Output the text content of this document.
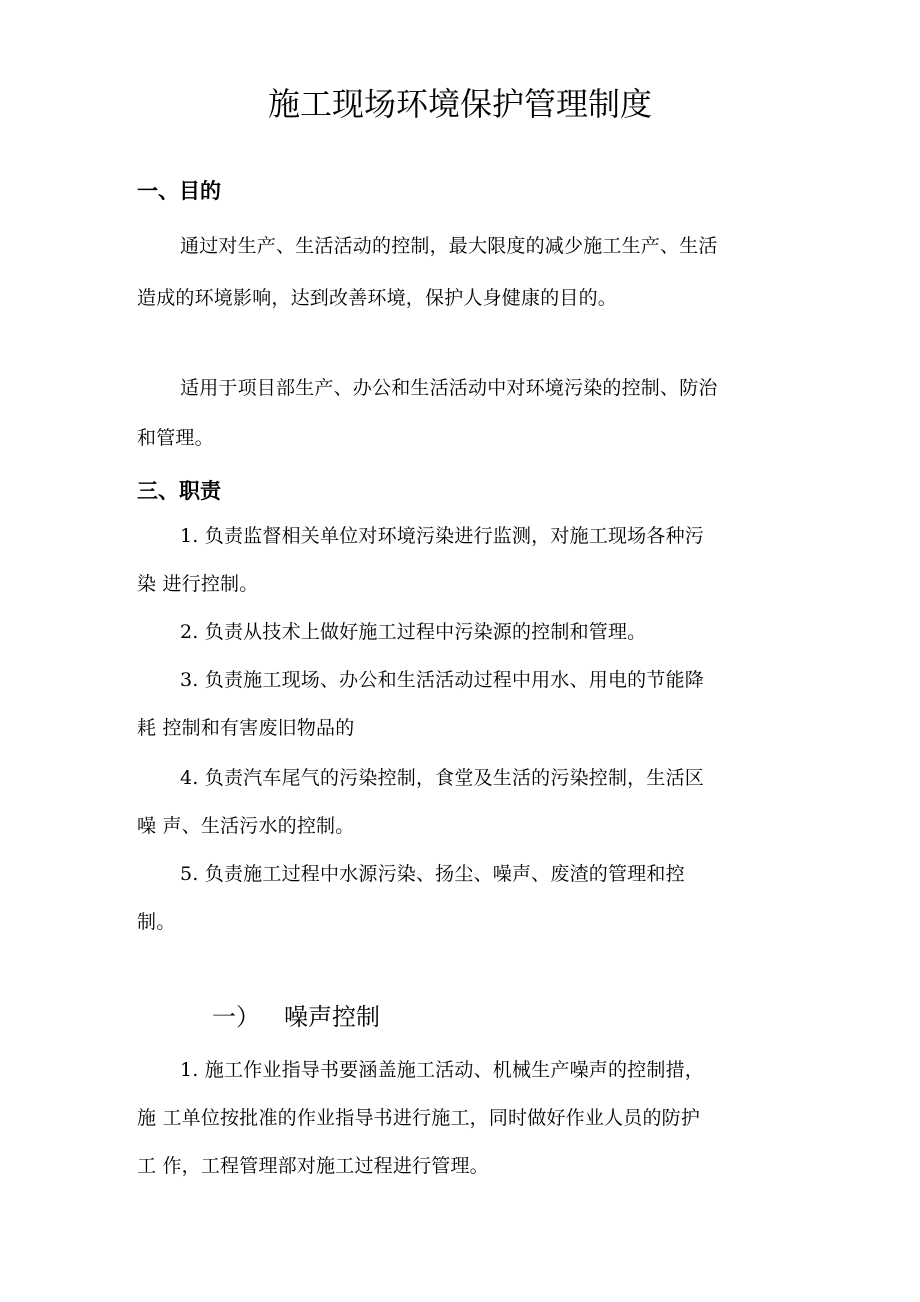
施工现场环境保护管理制度
一、目的

通过对生产、生活活动的控制，最大限度的减少施工生产、生活

造成的环境影响，达到改善环境，保护人身健康的目的。

适用于项目部生产、办公和生活活动中对环境污染的控制、防治

和管理。

三、职责

1. 负责监督相关单位对环境污染进行监测，对施工现场各种污

染 进行控制。

2. 负责从技术上做好施工过程中污染源的控制和管理。

3. 负责施工现场、办公和生活活动过程中用水、用电的节能降

耗 控制和有害废旧物品的

4. 负责汽车尾气的污染控制，食堂及生活的污染控制，生活区

噪 声、生活污水的控制。

5. 负责施工过程中水源污染、扬尘、噪声、废渣的管理和控

制。

一） 噪声控制

1. 施工作业指导书要涵盖施工活动、机械生产噪声的控制措，

施 工单位按批准的作业指导书进行施工，同时做好作业人员的防护

工 作，工程管理部对施工过程进行管理。
